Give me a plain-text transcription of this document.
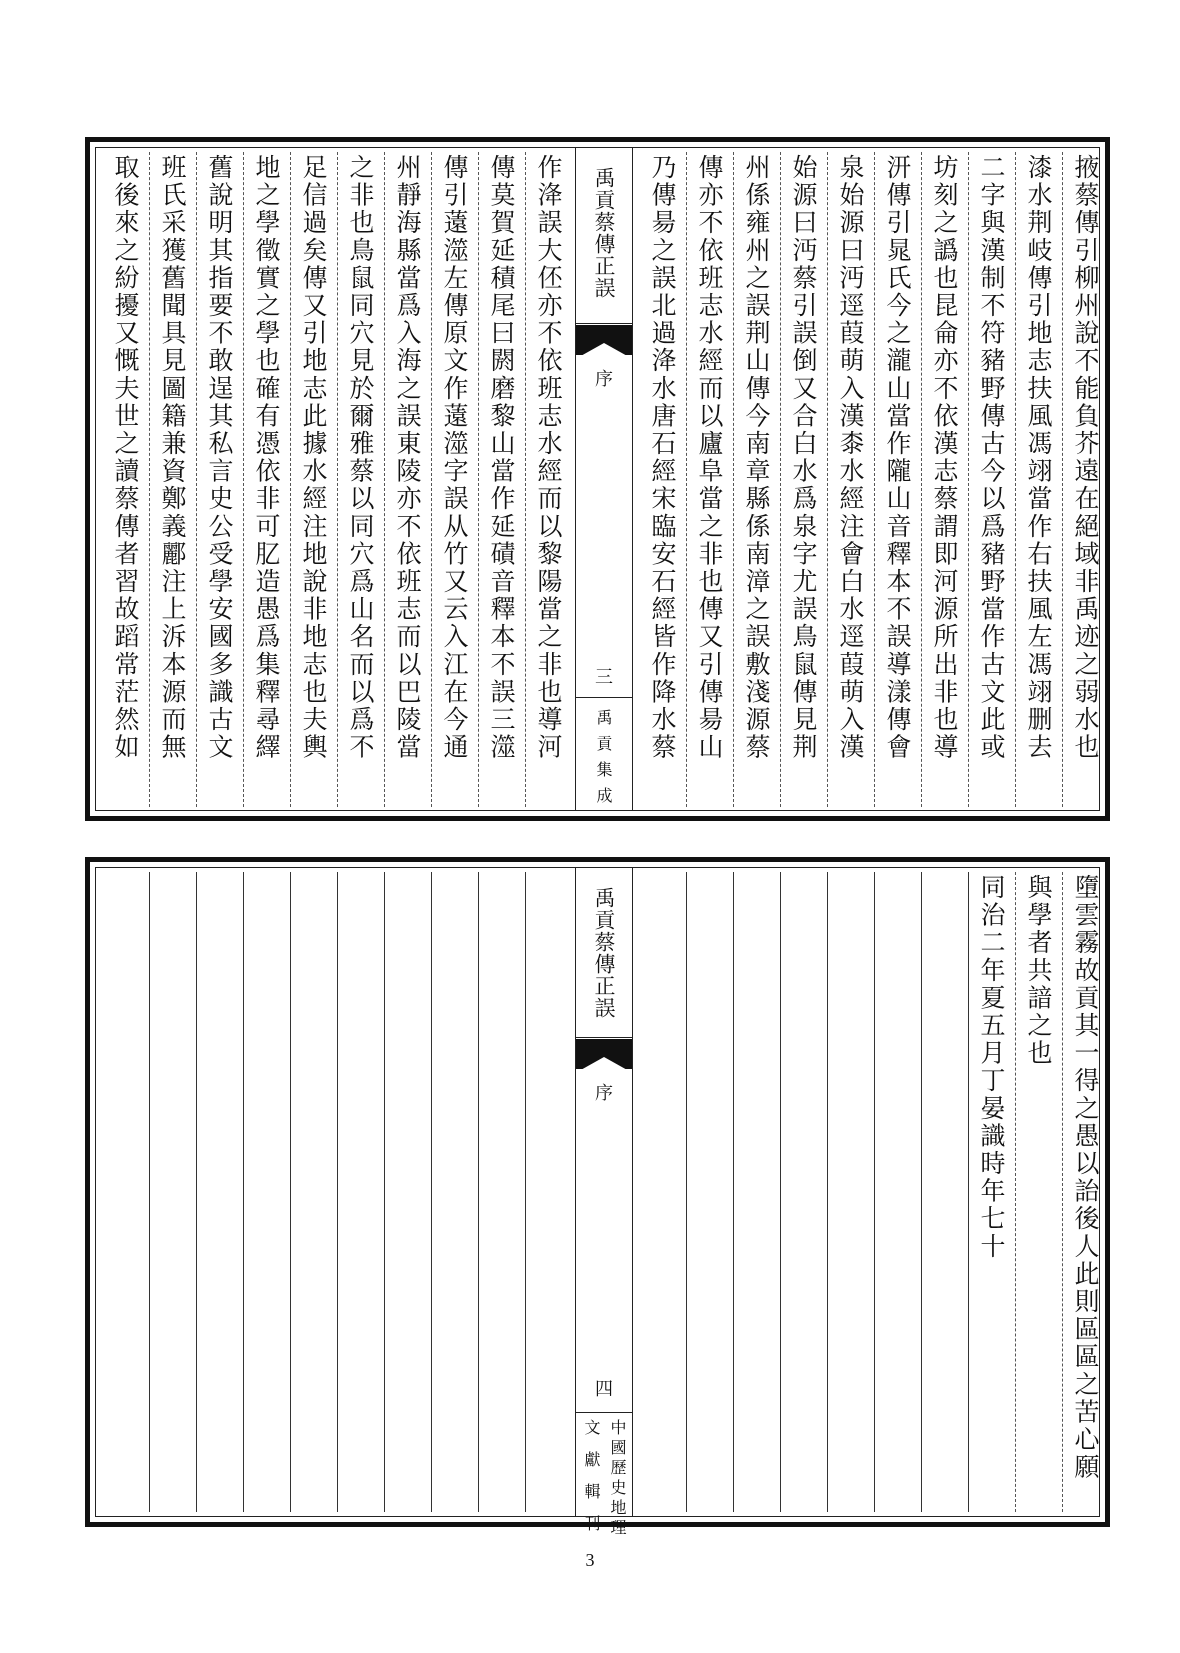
禹貢蔡傳正誤
序
三
禹貢集成	掖蔡傳引柳州說不能負芥遠在絕域非禹迹之弱水也
漆水荆岐傳引地志扶風馮翊當作右扶風左馮翊删去
二字與漢制不符豬野傳古今以爲豬野當作古文此或
坊刻之譌也昆侖亦不依漢志蔡謂即河源所出非也導
汧傳引晁氏今之瀧山當作隴山音釋本不誤導漾傳會
泉始源曰沔逕葭萌入漢桼水經注會白水逕葭萌入漢
始源曰沔蔡引誤倒又合白水爲泉字尤誤鳥鼠傳見荆
州係雍州之誤荆山傳今南章縣係南漳之誤敷淺源蔡
傳亦不依班志水經而以廬阜當之非也傳又引傳昜山
乃傳昜之誤北過洚水唐石經宋臨安石經皆作降水蔡
作洚誤大伾亦不依班志水經而以黎陽當之非也導河
傳莫賀延積尾曰閼磨黎山當作延磧音釋本不誤三澨
傳引薳澨左傳原文作薳澨字誤从竹又云入江在今通
州靜海縣當爲入海之誤東陵亦不依班志而以巴陵當
之非也鳥鼠同穴見於爾雅蔡以同穴爲山名而以爲不
足信過矣傳又引地志此據水經注地說非地志也夫輿
地之學徵實之學也確有憑依非可肊造愚爲集釋尋繹
舊說明其指要不敢逞其私言史公受學安國多識古文
班氏采獲舊聞具見圖籍兼資鄭義酈注上泝本源而無
取後來之紛擾又慨夫世之讀蔡傳者習故蹈常茫然如
禹貢蔡傳正誤
序
四
中國歷史地理
文獻輯刊
墮雲霧故貢其一得之愚以詒後人此則區區之苦心願
與學者共諳之也
同治二年夏五月丁晏識時年七十
3
